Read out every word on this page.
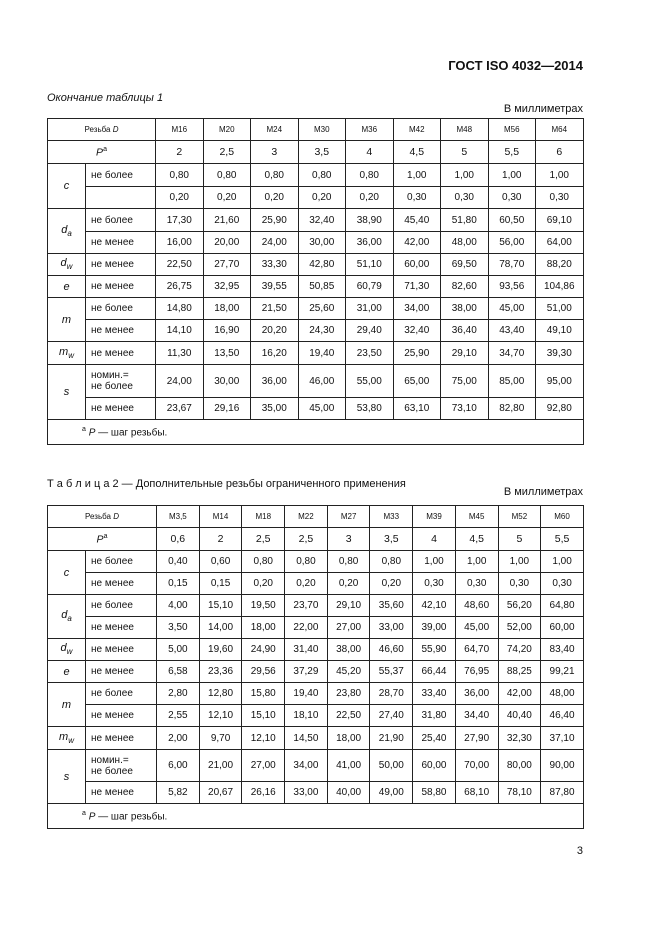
ГОСТ ISO 4032—2014
Окончание таблицы 1
В миллиметрах
Резьба D		M16	M20	M24	M30	M36	M42	M48	M56	M64
$P^a$		2	2,5	3	3,5	4	4,5	5	5,5	6
c	не более	0,80	0,80	0,80	0,80	0,80	1,00	1,00	1,00	1,00
		0,20	0,20	0,20	0,20	0,20	0,30	0,30	0,30	0,30
$d_a$	не более	17,30	21,60	25,90	32,40	38,90	45,40	51,80	60,50	69,10
	не менее	16,00	20,00	24,00	30,00	36,00	42,00	48,00	56,00	64,00
$d_w$	не менее	22,50	27,70	33,30	42,80	51,10	60,00	69,50	78,70	88,20
e	не менее	26,75	32,95	39,55	50,85	60,79	71,30	82,60	93,56	104,86
m	не более	14,80	18,00	21,50	25,60	31,00	34,00	38,00	45,00	51,00
	не менее	14,10	16,90	20,20	24,30	29,40	32,40	36,40	43,40	49,10
$m_w$	не менее	11,30	13,50	16,20	19,40	23,50	25,90	29,10	34,70	39,30
s	номин.=
не более	24,00	30,00	36,00	46,00	55,00	65,00	75,00	85,00	95,00
	не менее	23,67	29,16	35,00	45,00	53,80	63,10	73,10	82,80	92,80
$^a$ P — шаг резьбы.										
Т а б л и ц а 2 — Дополнительные резьбы ограниченного применения
В миллиметрах
Резьба D		M3,5	M14	M18	M22	M27	M33	M39	M45	M52	M60
$P^a$		0,6	2	2,5	2,5	3	3,5	4	4,5	5	5,5
c	не более	0,40	0,60	0,80	0,80	0,80	0,80	1,00	1,00	1,00	1,00
	не менее	0,15	0,15	0,20	0,20	0,20	0,20	0,30	0,30	0,30	0,30
$d_a$	не более	4,00	15,10	19,50	23,70	29,10	35,60	42,10	48,60	56,20	64,80
	не менее	3,50	14,00	18,00	22,00	27,00	33,00	39,00	45,00	52,00	60,00
$d_w$	не менее	5,00	19,60	24,90	31,40	38,00	46,60	55,90	64,70	74,20	83,40
e	не менее	6,58	23,36	29,56	37,29	45,20	55,37	66,44	76,95	88,25	99,21
m	не более	2,80	12,80	15,80	19,40	23,80	28,70	33,40	36,00	42,00	48,00
	не менее	2,55	12,10	15,10	18,10	22,50	27,40	31,80	34,40	40,40	46,40
$m_w$	не менее	2,00	9,70	12,10	14,50	18,00	21,90	25,40	27,90	32,30	37,10
s	номин.=
не более	6,00	21,00	27,00	34,00	41,00	50,00	60,00	70,00	80,00	90,00
	не менее	5,82	20,67	26,16	33,00	40,00	49,00	58,80	68,10	78,10	87,80
$^a$ P — шаг резьбы.											
3
